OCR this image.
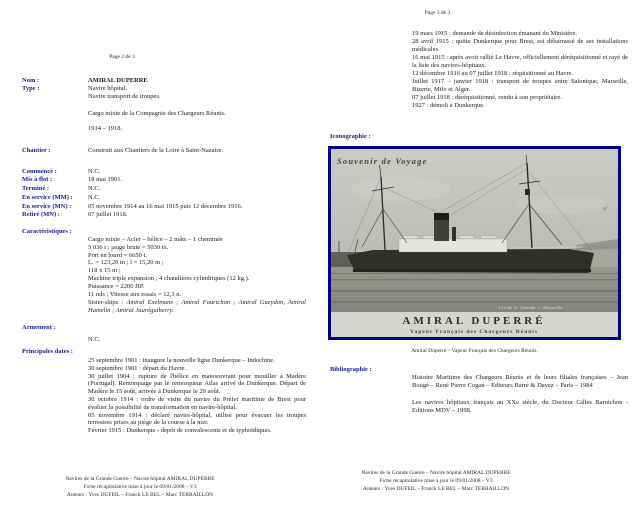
Page 2 de 3
Nom :	AMIRAL DUPERRE
Type :	Navire hôpital.
Navire transport de troupes.
Cargo mixte de la Compagnie des Chargeurs Réunis.
1914 – 1918.
Chantier :	Construit aux Chantiers de la Loire à Saint-Nazaire.
Commencé :	N.C.
Mis à flot :	18 mai 1901.
Terminé :	N.C.
En service (MM) :	N.C.
En service (MN) :	05 novembre 1914 au 16 mai 1915 puis 12 décembre 1916.
Retiré (MN) :	07 juillet 1918.
Caractéristiques :
Cargo mixte – Acier – hélice – 2 mâts – 1 cheminée
5 036 t ; jauge brute = 5030 tx.
Port en lourd = 6650 t.
L. = 123,20 m ; l = 15,20 m ;
118 x 15 m ;
Machine triple expansion ; 4 chaudières cylindriques (12 kg.).
Puissance = 2200 HP.
11 nds ; Vitesse aux essais = 12,3 n.
Sister-ships : Amiral Exelmans ; Amiral Fourichon ; Amiral Gueydon, Amiral Hamelin ; Amiral Jauréguiberry.
Armement :
N.C.
Principales dates :
25 septembre 1901 : inaugure la nouvelle ligne Dunkerque – Indochine.
30 septembre 1901 : départ du Havre.
30 juillet 1904 : rupture de l'hélice en manoeuvrant pour mouiller à Madère (Portugal). Remorquage par le remorqueur Atlas arrivé de Dunkerque. Départ de Madère le 15 août, arrivée à Dunkerque le 29 août.
30 octobre 1914 : ordre de visite du navire du Préfet maritime de Brest pour évaluer la possibilité de transformation en navire-hôpital.
05 novembre 1914 : déclaré navire-hôpital, utilisé pour évacuer les troupes terrestres prises au piège de la course à la mer.
Février 1915 : Dunkerque - dépôt de convalescents et de typhoïdiques.
Navires de la Grande Guerre – Navire hôpital AMIRAL DUPERRE
Fiche récapitulative mise à jour le 09/01/2008 – V3
Auteurs : Yves DUFEIL – Franck LE BEL – Marc TERRAILLON
Page 3 de 3
19 mars 1915 : demande de désinfection émanant du Ministère.
28 avril 1915 : quitte Dunkerque pour Brest, est débarrassé de ses installations médicales.
16 mai 1915 : après avoir rallié Le Havre, officiellement déréquisitionné et rayé de la liste des navires-hôpitaux.
12 décembre 1916 au 07 juillet 1918 : réquisitionné au Havre.
Juillet 1917 – janvier 1918 : transport de troupes entre Salonique, Marseille, Bizerte, Milo et Alger.
07 juillet 1918 : déréquisitionné, rendu à son propriétaire.
1927 : démoli à Dunkerque.
Iconographie :
Souvenir de Voyage
Cliché G. Guende — Marseille
AMIRAL DUPERRÉ
Vapeur Français des Chargeurs Réunis
Amiral Duperré – Vapeur Français des Chargeurs Réunis.
Bibliographie :
Histoire Maritime des Chargeurs Réunis et de leurs filiales françaises – Jean Bougé – René Pierre Cogan – Editeurs Barré & Dayez – Paris – 1984
Les navires hôpitaux français au XXe siècle, du Docteur Gilles Barnichon - Editions MDV – 1998.
Navires de la Grande Guerre – Navire hôpital AMIRAL DUPERRE
Fiche récapitulative mise à jour le 09/01/2008 – V3
Auteurs : Yves DUFEIL – Franck LE BEL – Marc TERRAILLON
